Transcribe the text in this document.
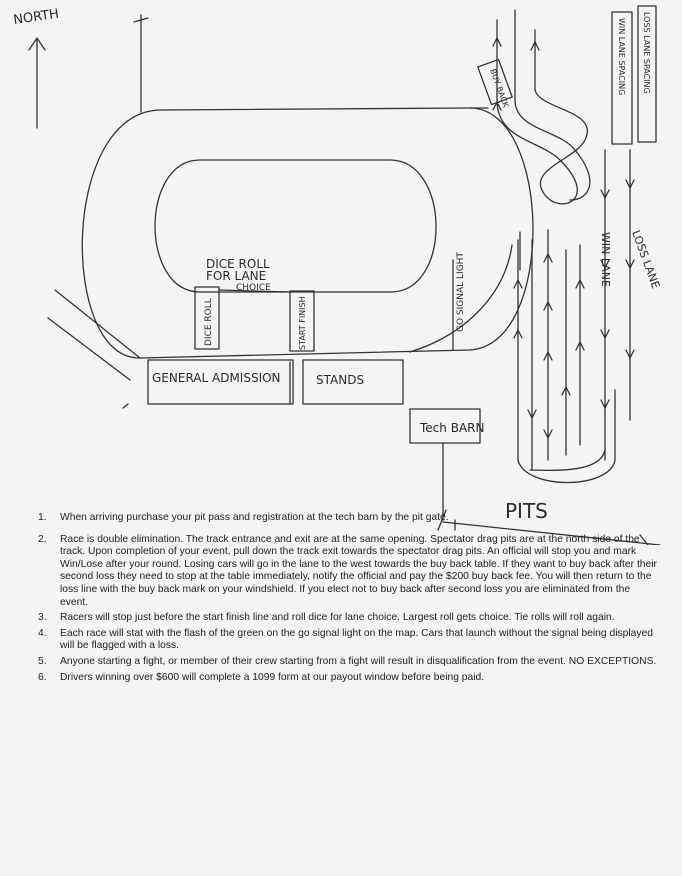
NORTH
DICE ROLL
FOR LANE
CHOICE
DICE ROLL	START FINISH	GO SIGNAL LIGHT
GENERAL ADMISSION	STANDS
Tech BARN
PITS
BUY BACK	WIN LANE SPACING LOSS LANE SPACING
WIN LANE LOSS LANE
1. When arriving purchase your pit pass and registration at the tech barn by the pit gate.
2. Race is double elimination. The track entrance and exit are at the same opening. Spectator drag pits are at the north side of the track. Upon completion of your event, pull down the track exit towards the spectator drag pits. An official will stop you and mark Win/Lose after your round. Losing cars will go in the lane to the west towards the buy back table. If they want to buy back after their second loss they need to stop at the table immediately, notify the official and pay the $200 buy back fee. You will then return to the loss line with the buy back mark on your windshield. If you elect not to buy back after second loss you are eliminated from the event.
3. Racers will stop just before the start finish line and roll dice for lane choice. Largest roll gets choice. Tie rolls will roll again.
4. Each race will stat with the flash of the green on the go signal light on the map. Cars that launch without the signal being displayed will be flagged with a loss.
5. Anyone starting a fight, or member of their crew starting from a fight will result in disqualification from the event. NO EXCEPTIONS.
6. Drivers winning over $600 will complete a 1099 form at our payout window before being paid.
